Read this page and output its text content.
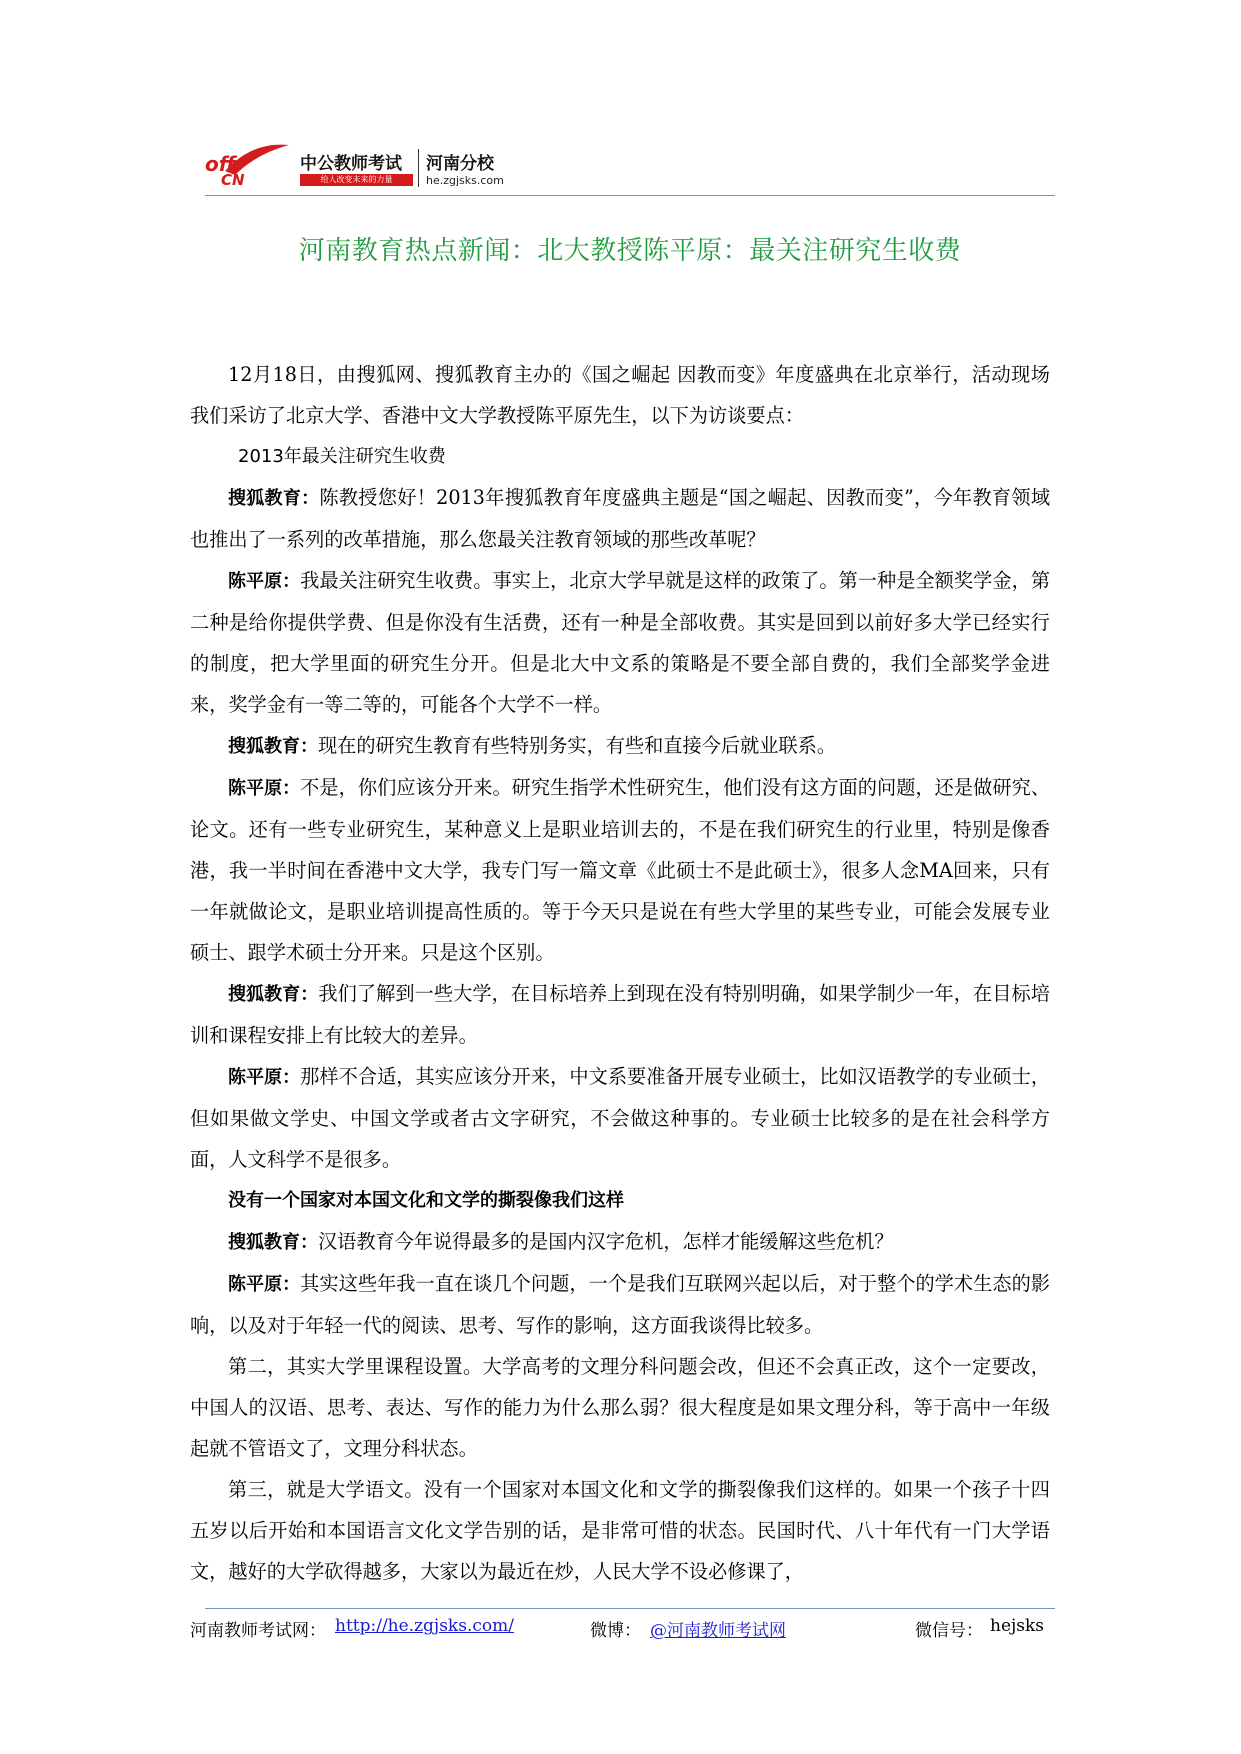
off
CN
中公教师考试
给人改变未来的力量
河南分校
he.zgjsks.com
河南教育热点新闻：北大教授陈平原：最关注研究生收费

12月18日，由搜狐网、搜狐教育主办的《国之崛起 因教而变》年度盛典在北京举行，活动现场我们采访了北京大学、香港中文大学教授陈平原先生，以下为访谈要点：

2013年最关注研究生收费

搜狐教育：陈教授您好！2013年搜狐教育年度盛典主题是“国之崛起、因教而变”，今年教育领域也推出了一系列的改革措施，那么您最关注教育领域的那些改革呢？

陈平原：我最关注研究生收费。事实上，北京大学早就是这样的政策了。第一种是全额奖学金，第二种是给你提供学费、但是你没有生活费，还有一种是全部收费。其实是回到以前好多大学已经实行的制度，把大学里面的研究生分开。但是北大中文系的策略是不要全部自费的，我们全部奖学金进来，奖学金有一等二等的，可能各个大学不一样。

搜狐教育：现在的研究生教育有些特别务实，有些和直接今后就业联系。

陈平原：不是，你们应该分开来。研究生指学术性研究生，他们没有这方面的问题，还是做研究、论文。还有一些专业研究生，某种意义上是职业培训去的，不是在我们研究生的行业里，特别是像香港，我一半时间在香港中文大学，我专门写一篇文章《此硕士不是此硕士》，很多人念MA回来，只有一年就做论文，是职业培训提高性质的。等于今天只是说在有些大学里的某些专业，可能会发展专业硕士、跟学术硕士分开来。只是这个区别。

搜狐教育：我们了解到一些大学，在目标培养上到现在没有特别明确，如果学制少一年，在目标培训和课程安排上有比较大的差异。

陈平原：那样不合适，其实应该分开来，中文系要准备开展专业硕士，比如汉语教学的专业硕士，但如果做文学史、中国文学或者古文字研究，不会做这种事的。专业硕士比较多的是在社会科学方面，人文科学不是很多。

没有一个国家对本国文化和文学的撕裂像我们这样

搜狐教育：汉语教育今年说得最多的是国内汉字危机，怎样才能缓解这些危机？

陈平原：其实这些年我一直在谈几个问题，一个是我们互联网兴起以后，对于整个的学术生态的影响，以及对于年轻一代的阅读、思考、写作的影响，这方面我谈得比较多。

第二，其实大学里课程设置。大学高考的文理分科问题会改，但还不会真正改，这个一定要改，中国人的汉语、思考、表达、写作的能力为什么那么弱？很大程度是如果文理分科，等于高中一年级起就不管语文了，文理分科状态。

第三，就是大学语文。没有一个国家对本国文化和文学的撕裂像我们这样的。如果一个孩子十四五岁以后开始和本国语言文化文学告别的话，是非常可惜的状态。民国时代、八十年代有一门大学语文，越好的大学砍得越多，大家以为最近在炒，人民大学不设必修课了，

河南教师考试网： http://he.zgjsks.com/	微博： @河南教师考试网	微信号： hejsks
